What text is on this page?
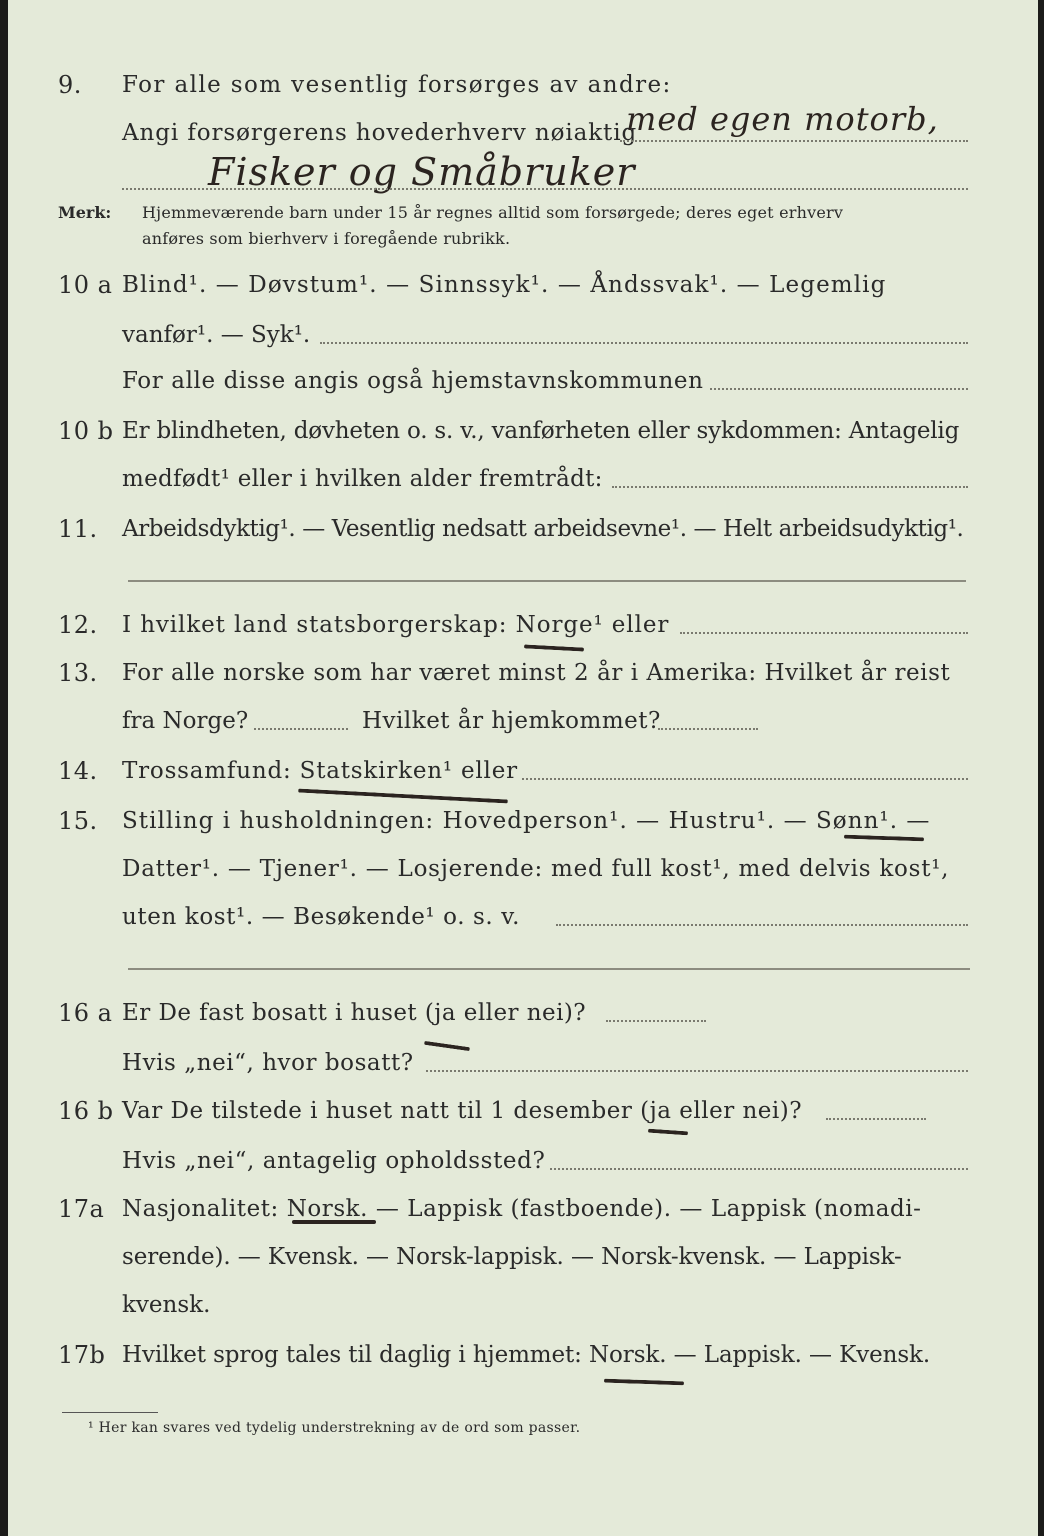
9. For alle som vesentlig forsørges av andre:
Angi forsørgerens hovederhverv nøiaktig
med egen motorb,
Fisker og Småbruker
Merk: Hjemmeværende barn under 15 år regnes alltid som forsørgede; deres eget erhverv
anføres som bierhverv i foregående rubrikk.
10 a Blind¹. — Døvstum¹. — Sinnssyk¹. — Åndssvak¹. — Legemlig
vanfør¹. — Syk¹.
For alle disse angis også hjemstavnskommunen
10 b Er blindheten, døvheten o. s. v., vanførheten eller sykdommen: Antagelig
medfødt¹ eller i hvilken alder fremtrådt:
11. Arbeidsdyktig¹. — Vesentlig nedsatt arbeidsevne¹. — Helt arbeidsudyktig¹.
12. I hvilket land statsborgerskap: Norge¹ eller
13. For alle norske som har været minst 2 år i Amerika: Hvilket år reist
fra Norge?	Hvilket år hjemkommet?
14. Trossamfund: Statskirken¹ eller
15. Stilling i husholdningen: Hovedperson¹. — Hustru¹. — Sønn¹. —
Datter¹. — Tjener¹. — Losjerende: med full kost¹, med delvis kost¹,
uten kost¹. — Besøkende¹ o. s. v.
16 a Er De fast bosatt i huset (ja eller nei)?
Hvis „nei“, hvor bosatt?
16 b Var De tilstede i huset natt til 1 desember (ja eller nei)?
Hvis „nei“, antagelig opholdssted?
17a Nasjonalitet: Norsk. — Lappisk (fastboende). — Lappisk (nomadi-
serende). — Kvensk. — Norsk-lappisk. — Norsk-kvensk. — Lappisk-
kvensk.
17b Hvilket sprog tales til daglig i hjemmet: Norsk. — Lappisk. — Kvensk.
¹ Her kan svares ved tydelig understrekning av de ord som passer.
